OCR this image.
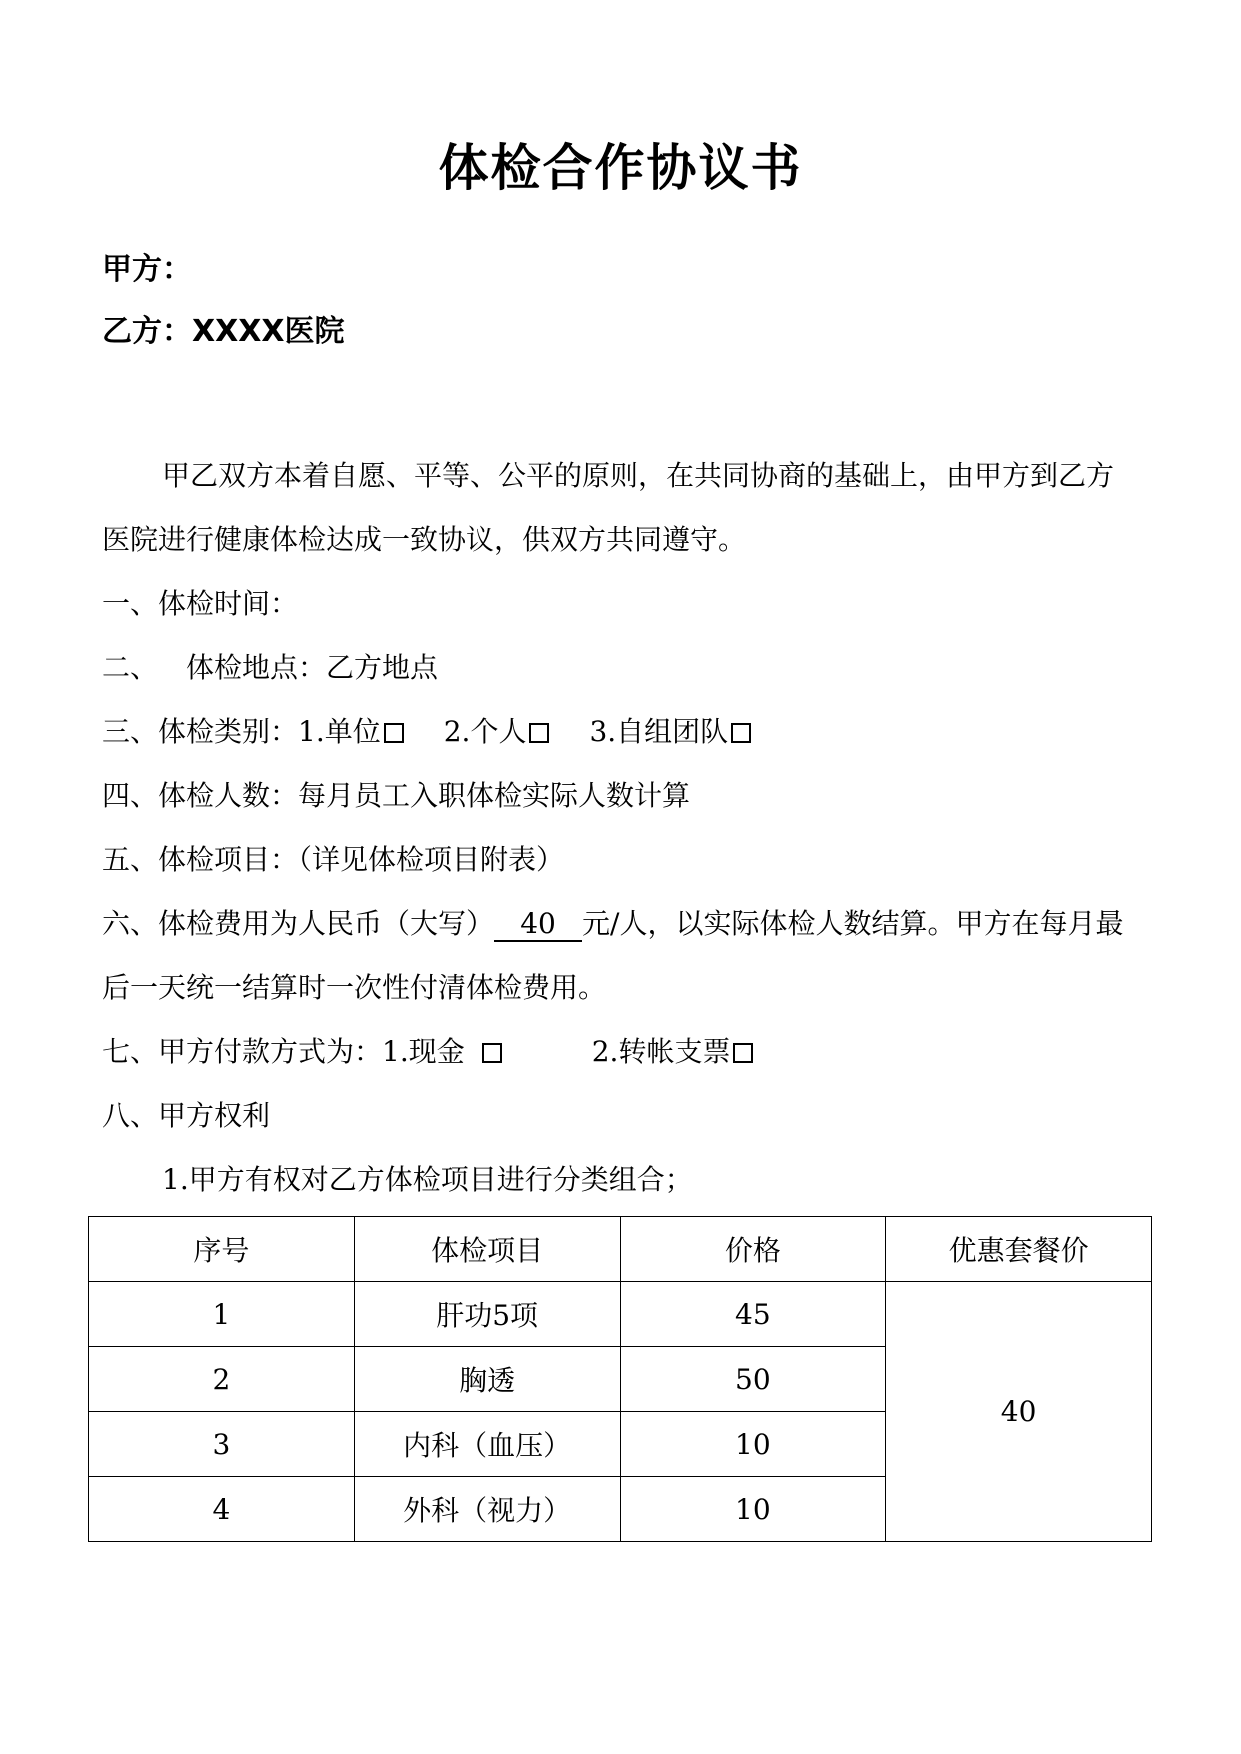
体检合作协议书
甲方：
乙方：XXXX医院
甲乙双方本着自愿、平等、公平的原则，在共同协商的基础上，由甲方到乙方
医院进行健康体检达成一致协议，供双方共同遵守。
一、体检时间：
二、 体检地点：乙方地点
三、体检类别：1.单位 2.个人 3.自组团队
四、体检人数：每月员工入职体检实际人数计算
五、体检项目：（详见体检项目附表）
六、体检费用为人民币（大写） 40 元/人，以实际体检人数结算。甲方在每月最
后一天统一结算时一次性付清体检费用。
七、甲方付款方式为：1.现金	2.转帐支票
八、甲方权利
1.甲方有权对乙方体检项目进行分类组合；
序号	体检项目	价格	优惠套餐价
1	肝功5项	45	40
2	胸透	50	
3	内科（血压）	10	
4	外科（视力）	10	
